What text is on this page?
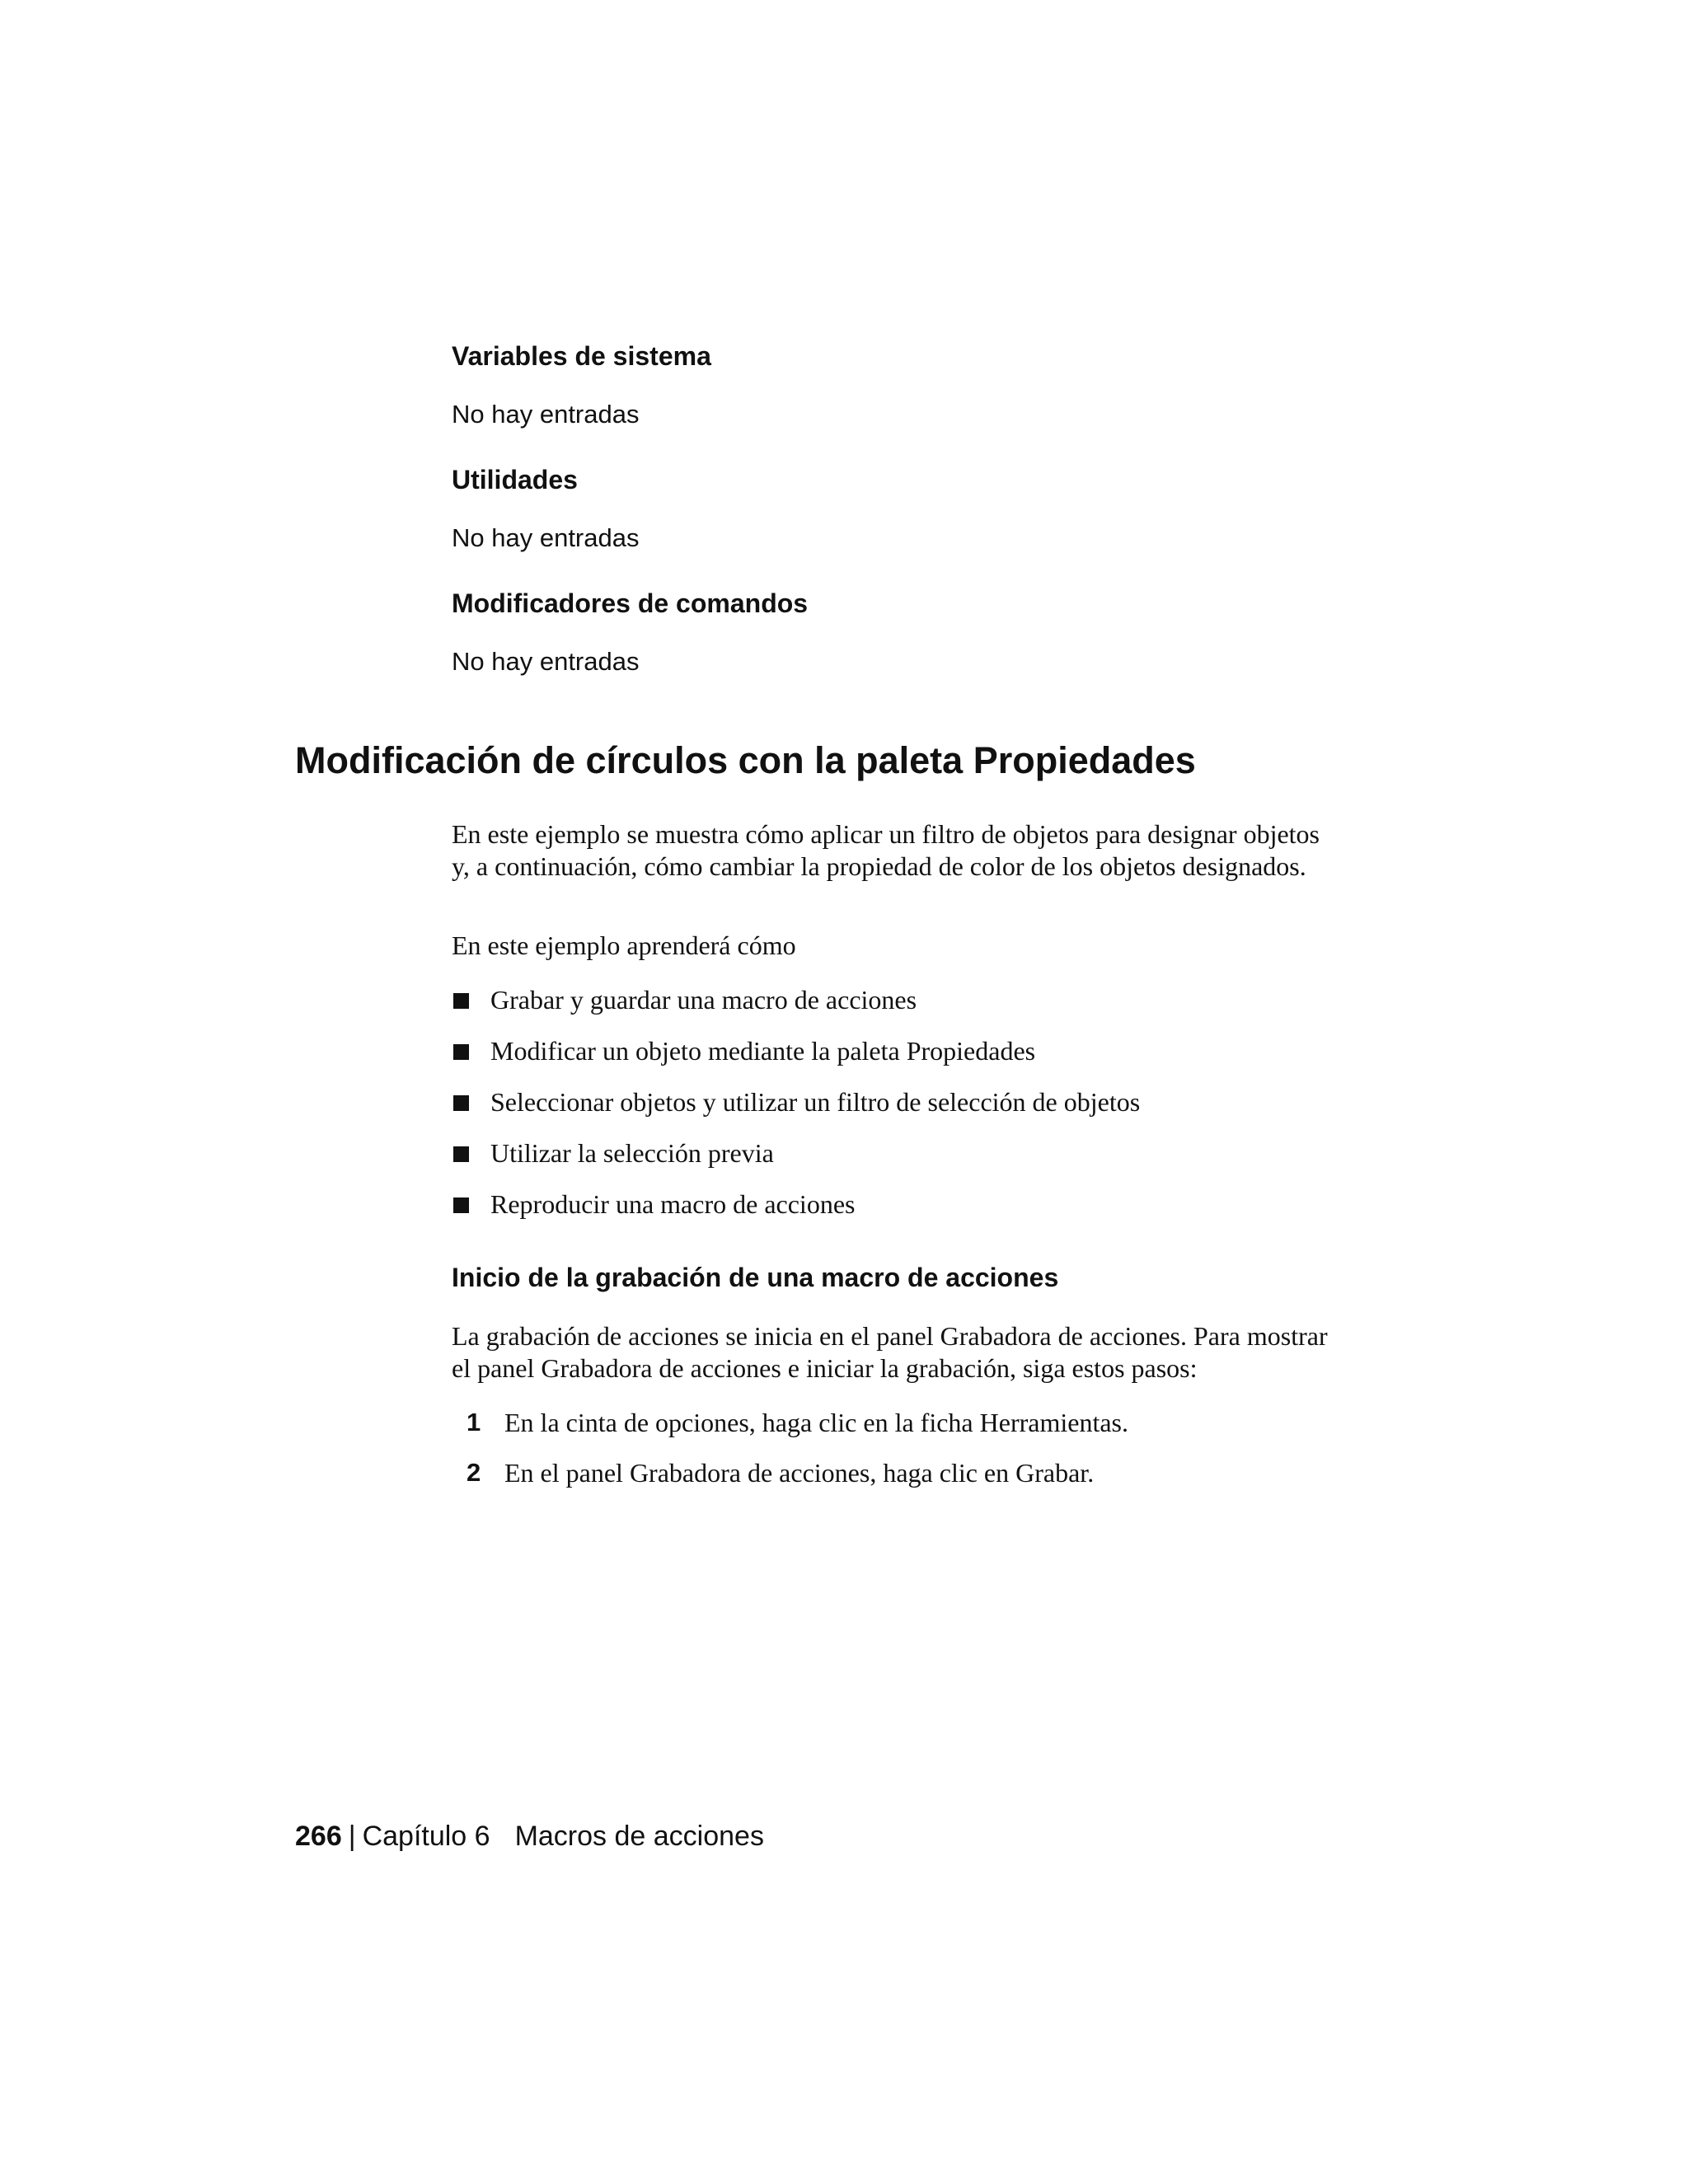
Variables de sistema

No hay entradas

Utilidades

No hay entradas

Modificadores de comandos

No hay entradas

Modificación de círculos con la paleta Propiedades

En este ejemplo se muestra cómo aplicar un filtro de objetos para designar objetos y, a continuación, cómo cambiar la propiedad de color de los objetos designados.

En este ejemplo aprenderá cómo

Grabar y guardar una macro de acciones
Modificar un objeto mediante la paleta Propiedades
Seleccionar objetos y utilizar un filtro de selección de objetos
Utilizar la selección previa
Reproducir una macro de acciones
Inicio de la grabación de una macro de acciones

La grabación de acciones se inicia en el panel Grabadora de acciones. Para mostrar el panel Grabadora de acciones e iniciar la grabación, siga estos pasos:

1 En la cinta de opciones, haga clic en la ficha Herramientas.
2 En el panel Grabadora de acciones, haga clic en Grabar.
266 | Capítulo 6 Macros de acciones
